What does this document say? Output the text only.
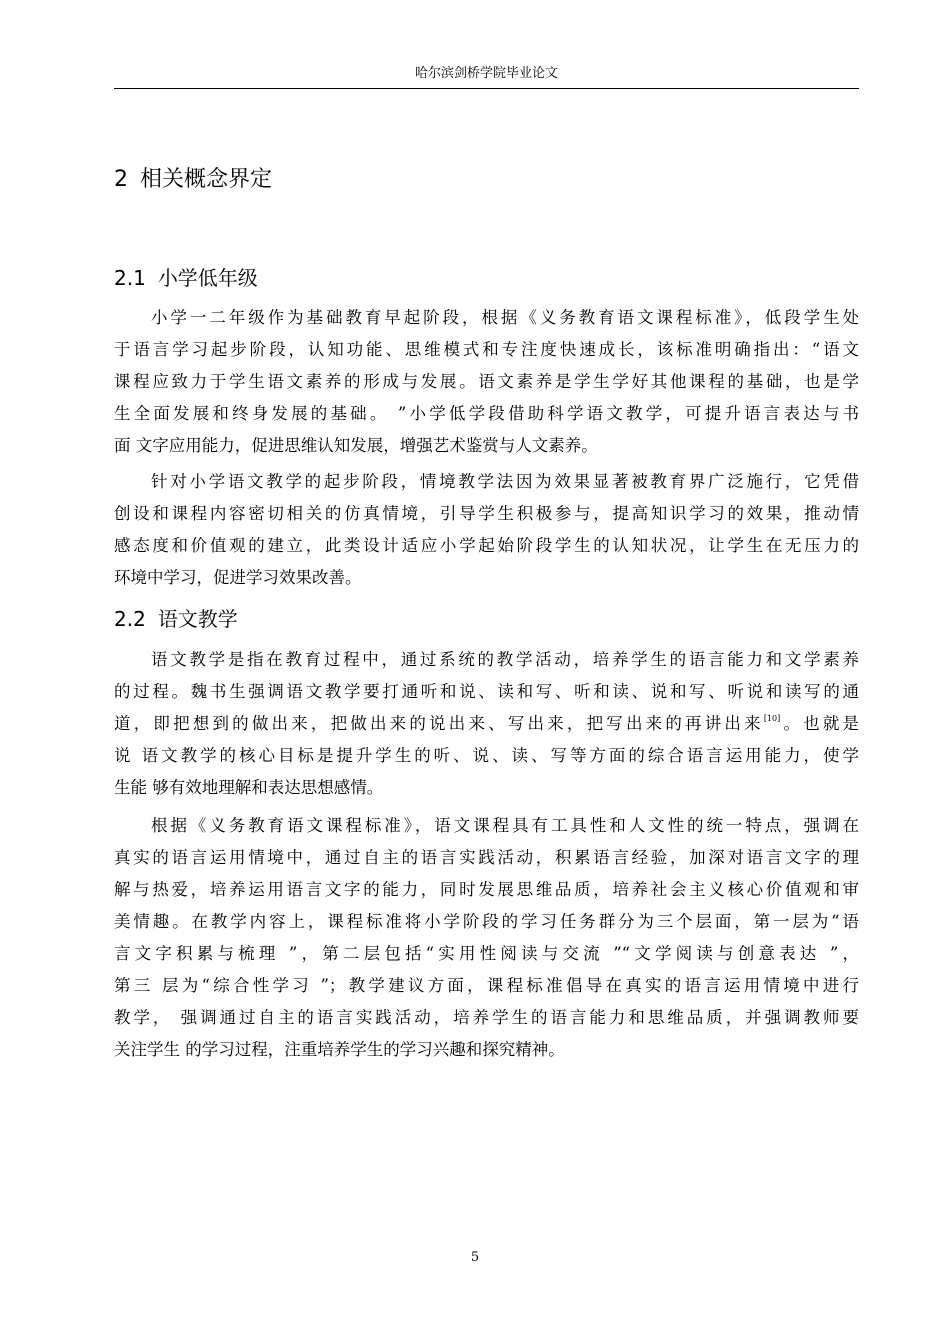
哈尔滨剑桥学院毕业论文
2 相关概念界定
2.1 小学低年级
小学一二年级作为基础教育早起阶段，根据《义务教育语文课程标准》，低段学生处
于语言学习起步阶段，认知功能、思维模式和专注度快速成长，该标准明确指出：“语文
课程应致力于学生语文素养的形成与发展。语文素养是学生学好其他课程的基础，也是学
生全面发展和终身发展的基础。 ”小学低学段借助科学语文教学，可提升语言表达与书
面 文字应用能力，促进思维认知发展，增强艺术鉴赏与人文素养。
针对小学语文教学的起步阶段，情境教学法因为效果显著被教育界广泛施行，它凭借
创设和课程内容密切相关的仿真情境，引导学生积极参与，提高知识学习的效果，推动情
感态度和价值观的建立，此类设计适应小学起始阶段学生的认知状况，让学生在无压力的
环境中学习，促进学习效果改善。
2.2 语文教学
语文教学是指在教育过程中，通过系统的教学活动，培养学生的语言能力和文学素养
的过程。魏书生强调语文教学要打通听和说、读和写、听和读、说和写、听说和读写的通
道，即把想到的做出来，把做出来的说出来、写出来，把写出来的再讲出来[10]。也就是
说 语文教学的核心目标是提升学生的听、说、读、写等方面的综合语言运用能力，使学
生能 够有效地理解和表达思想感情。
根据《义务教育语文课程标准》，语文课程具有工具性和人文性的统一特点，强调在
真实的语言运用情境中，通过自主的语言实践活动，积累语言经验，加深对语言文字的理
解与热爱，培养运用语言文字的能力，同时发展思维品质，培养社会主义核心价值观和审
美情趣。在教学内容上，课程标准将小学阶段的学习任务群分为三个层面，第一层为“语
言文字积累与梳理 ”，第二层包括“实用性阅读与交流 ”“文学阅读与创意表达 ”，
第三 层为“综合性学习 ”；教学建议方面，课程标准倡导在真实的语言运用情境中进行
教学， 强调通过自主的语言实践活动，培养学生的语言能力和思维品质，并强调教师要
关注学生 的学习过程，注重培养学生的学习兴趣和探究精神。
5
